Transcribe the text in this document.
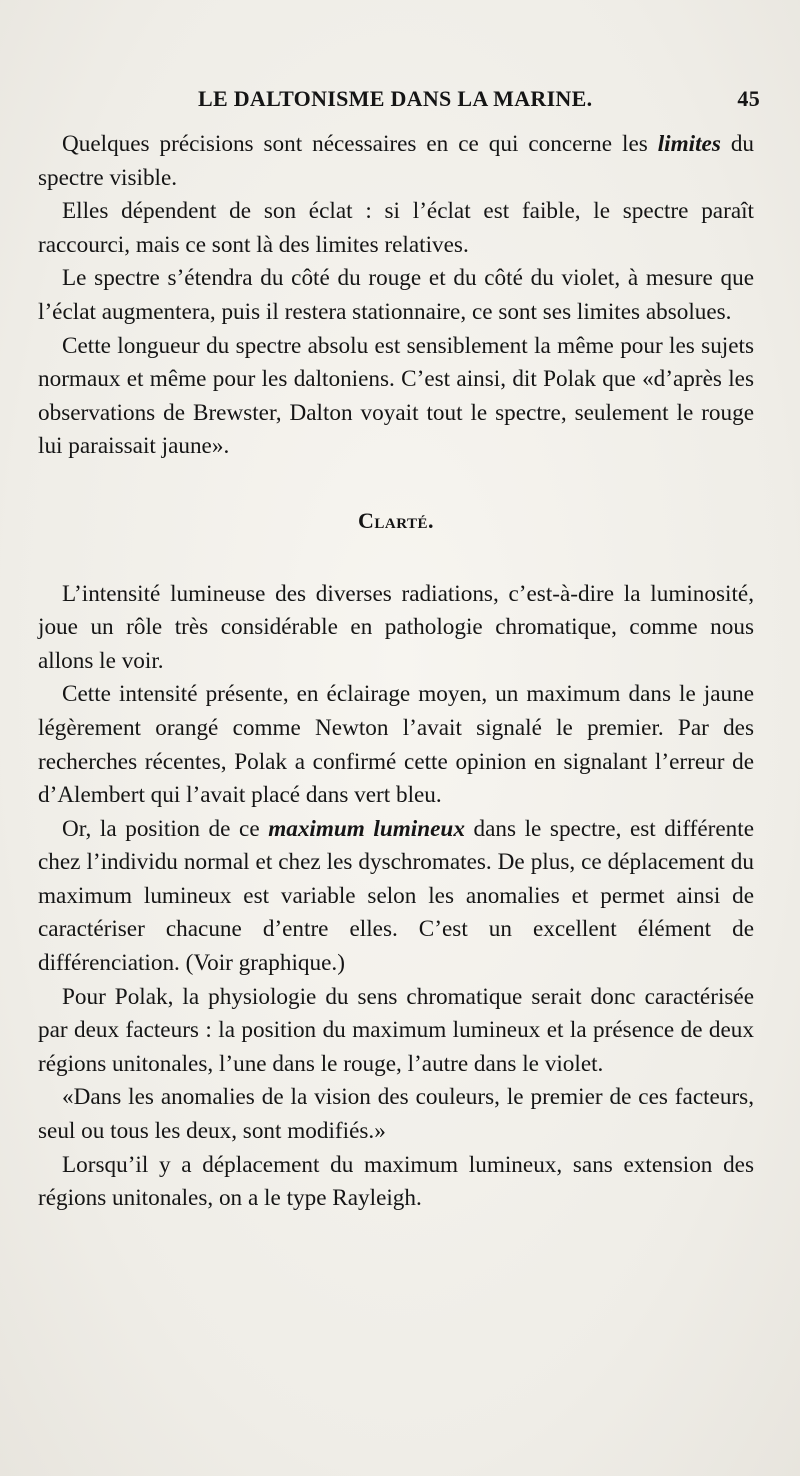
LE DALTONISME DANS LA MARINE.	45

Quelques précisions sont nécessaires en ce qui concerne les limites du spectre visible.

Elles dépendent de son éclat : si l’éclat est faible, le spectre paraît raccourci, mais ce sont là des limites relatives.

Le spectre s’étendra du côté du rouge et du côté du violet, à mesure que l’éclat augmentera, puis il restera stationnaire, ce sont ses limites absolues.

Cette longueur du spectre absolu est sensiblement la même pour les sujets normaux et même pour les daltoniens. C’est ainsi, dit Polak que «d’après les observations de Brewster, Dalton voyait tout le spectre, seulement le rouge lui paraissait jaune».

Clarté.

L’intensité lumineuse des diverses radiations, c’est-à-dire la luminosité, joue un rôle très considérable en pathologie chromatique, comme nous allons le voir.

Cette intensité présente, en éclairage moyen, un maximum dans le jaune légèrement orangé comme Newton l’avait signalé le premier. Par des recherches récentes, Polak a confirmé cette opinion en signalant l’erreur de d’Alembert qui l’avait placé dans vert bleu.

Or, la position de ce maximum lumineux dans le spectre, est différente chez l’individu normal et chez les dyschromates. De plus, ce déplacement du maximum lumineux est variable selon les anomalies et permet ainsi de caractériser chacune d’entre elles. C’est un excellent élément de différenciation. (Voir graphique.)

Pour Polak, la physiologie du sens chromatique serait donc caractérisée par deux facteurs : la position du maximum lumineux et la présence de deux régions unitonales, l’une dans le rouge, l’autre dans le violet.

«Dans les anomalies de la vision des couleurs, le premier de ces facteurs, seul ou tous les deux, sont modifiés.»

Lorsqu’il y a déplacement du maximum lumineux, sans extension des régions unitonales, on a le type Rayleigh.
